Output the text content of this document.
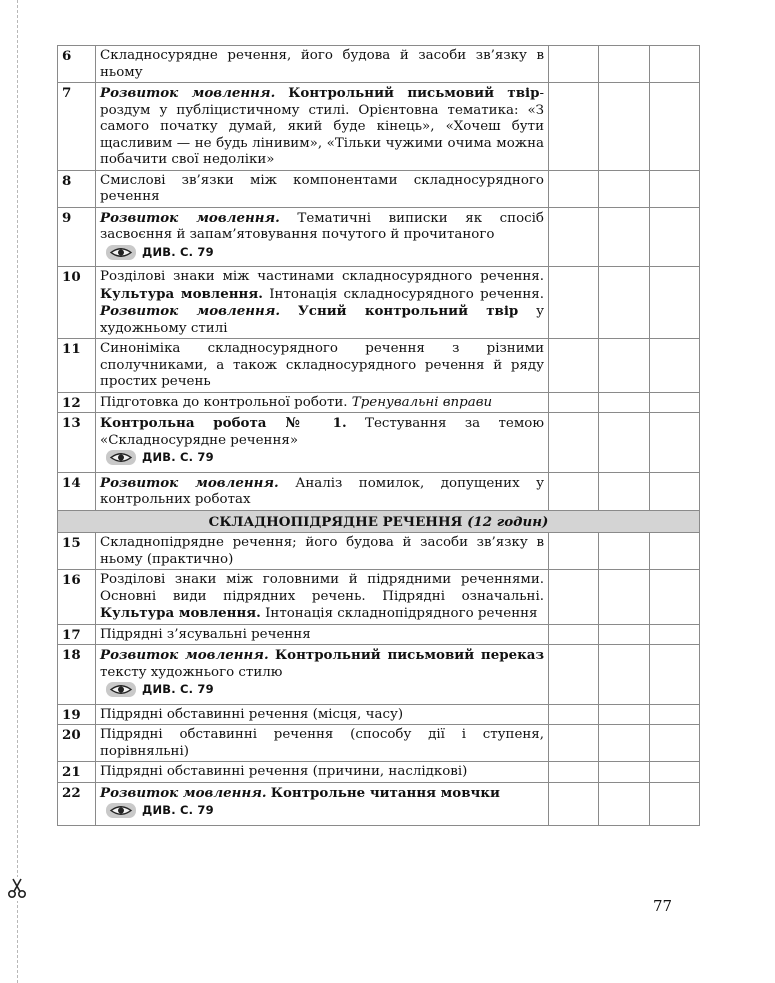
6	Складносурядне речення, його будова й засоби зв’язку в ньому			
7	Розвиток мовлення. Контрольний письмовий твір-роздум у публіцистичному стилі. Орієнтовна тематика: «З самого початку думай, який буде кінець», «Хочеш бути щасливим — не будь лінивим», «Тільки чужими очима можна побачити свої недоліки»			
8	Смислові зв’язки між компонентами складносурядного речення			
9	Розвиток мовлення. Тематичні виписки як спосіб засвоєння й запам’ятовування почутого й прочитаного

ДИВ. С. 79			

10	Розділові знаки між частинами складносурядного речення. Культура мовлення. Інтонація складносурядного речення. Розвиток мовлення. Усний контрольний твір у художньому стилі			
11	Синоніміка складносурядного речення з різними сполучниками, а також складносурядного речення й ряду простих речень			
12	Підготовка до контрольної роботи. Тренувальні вправи			
13	Контрольна робота № 1. Тестування за темою «Складносурядне речення»

ДИВ. С. 79			

14	Розвиток мовлення. Аналіз помилок, допущених у контрольних роботах			
СКЛАДНОПІДРЯДНЕ РЕЧЕННЯ (12 годин)				
15	Складнопідрядне речення; його будова й засоби зв’язку в ньому (практично)			
16	Розділові знаки між головними й підрядними реченнями. Основні види підрядних речень. Підрядні означальні. Культура мовлення. Інтонація складнопідрядного речення			
17	Підрядні з’ясувальні речення			
18	Розвиток мовлення. Контрольний письмовий переказ тексту художнього стилю

ДИВ. С. 79			

19	Підрядні обставинні речення (місця, часу)			
20	Підрядні обставинні речення (способу дії і ступеня, порівняльні)			
21	Підрядні обставинні речення (причини, наслідкові)			
22	Розвиток мовлення. Контрольне читання мовчки

ДИВ. С. 79			

77
